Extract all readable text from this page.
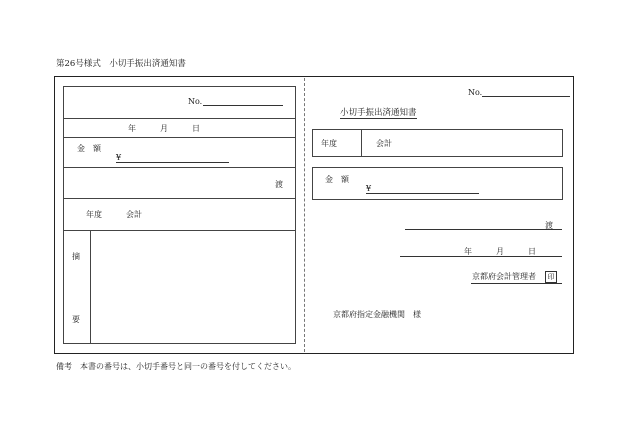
第26号様式　小切手振出済通知書
No.
年　　　月　　　日
金　額
¥
渡
年度	会計
摘
要
No.
小切手振出済通知書
年度	会計
金　額
¥
渡
年　　　月　　　日
京都府会計管理者	印
京都府指定金融機関　様
備考　本書の番号は、小切手番号と同一の番号を付してください。
